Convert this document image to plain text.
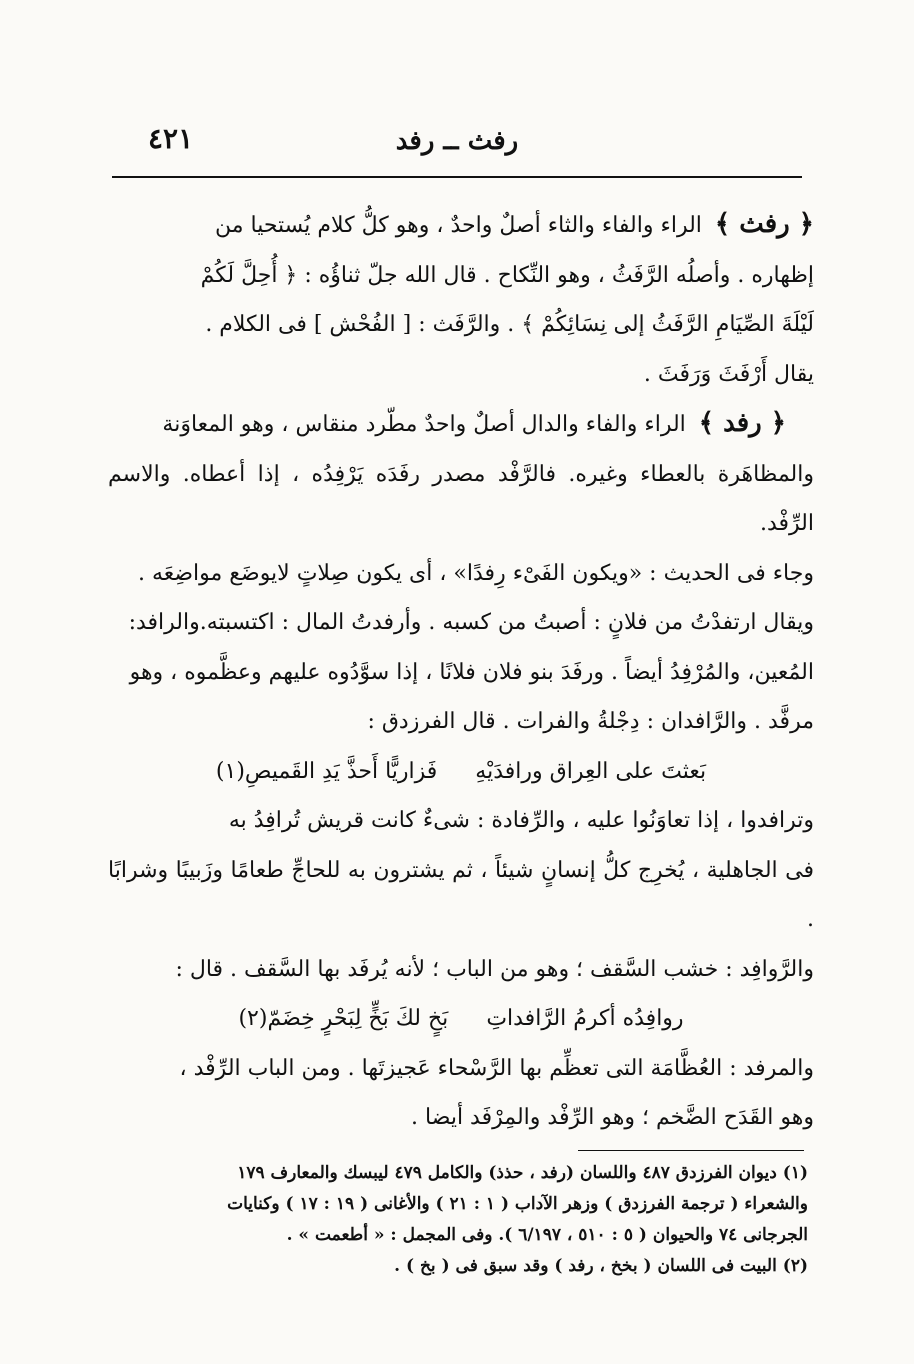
رفث ــ رفد
٤٢١

﴿ رفث ﴾ الراء والفاء والثاء أصلٌ واحدٌ ، وهو كلُّ كلام يُستحيا من

إظهاره . وأصلُه الرَّفَثُ ، وهو النِّكاح . قال الله جلّ ثناؤُه : ﴿ أُحِلَّ لَكُمْ

لَيْلَةَ الصِّيَامِ الرَّفَثُ إلى نِسَائِكُمْ ﴾ . والرَّفَث : [ الفُحْش ] فى الكلام .

يقال أَرْفَثَ وَرَفَثَ .

﴿ رفد ﴾ الراء والفاء والدال أصلٌ واحدٌ مطّرد منقاس ، وهو المعاوَنة

والمظاهَرة بالعطاء وغيره. فالرَّفْد مصدر رفَدَه يَرْفِدُه ، إذا أعطاه. والاسم الرِّفْد.

وجاء فى الحديث : «ويكون الفَىْء رِفدًا» ، أى يكون صِلاتٍ لايوضَع مواضِعَه .

ويقال ارتفدْتُ من فلانٍ : أصبتُ من كسبه . وأرفدتُ المال : اكتسبته.والرافد:

المُعين، والمُرْفِدُ أيضاً . ورفَدَ بنو فلان فلانًا ، إذا سوَّدُوه عليهم وعظَّموه ، وهو

مرفَّد . والرَّافدان : دِجْلةُ والفرات . قال الفرزدق :

بَعثتَ على العِراق ورافدَيْهِ
فَزاريًّا أَحذَّ يَدِ القَميصِ(١)

وترافدوا ، إذا تعاوَنُوا عليه ، والرِّفادة : شىءٌ كانت قريش تُرافِدُ به

فى الجاهلية ، يُخرِج كلُّ إنسانٍ شيئاً ، ثم يشترون به للحاجِّ طعامًا وزَبيبًا وشرابًا .

والرَّوافِد : خشب السَّقف ؛ وهو من الباب ؛ لأنه يُرفَد بها السَّقف . قال :

روافِدُه أكرمُ الرَّافداتِ
بَخٍ لكَ بَخٍّ لِبَحْرٍ خِضَمّ(٢)

والمرفد : العُظَّامَة التى تعظِّم بها الرَّسْحاء عَجيزتَها . ومن الباب الرِّفْد ،

وهو القَدَح الضَّخم ؛ وهو الرِّفْد والمِرْفَد أيضا .

(١) ديوان الفرزدق ٤٨٧ واللسان (رفد ، حذذ) والكامل ٤٧٩ ليبسك والمعارف ١٧٩

والشعراء ( ترجمة الفرزدق ) وزهر الآداب ( ١ : ٢١ ) والأغانى ( ١٩ : ١٧ ) وكنايات

الجرجانى ٧٤ والحيوان ( ٥ : ٥١٠ ، ٦/١٩٧ ). وفى المجمل : « أطعمت » .

(٢) البيت فى اللسان ( بخخ ، رفد ) وقد سبق فى ( بخ ) .
